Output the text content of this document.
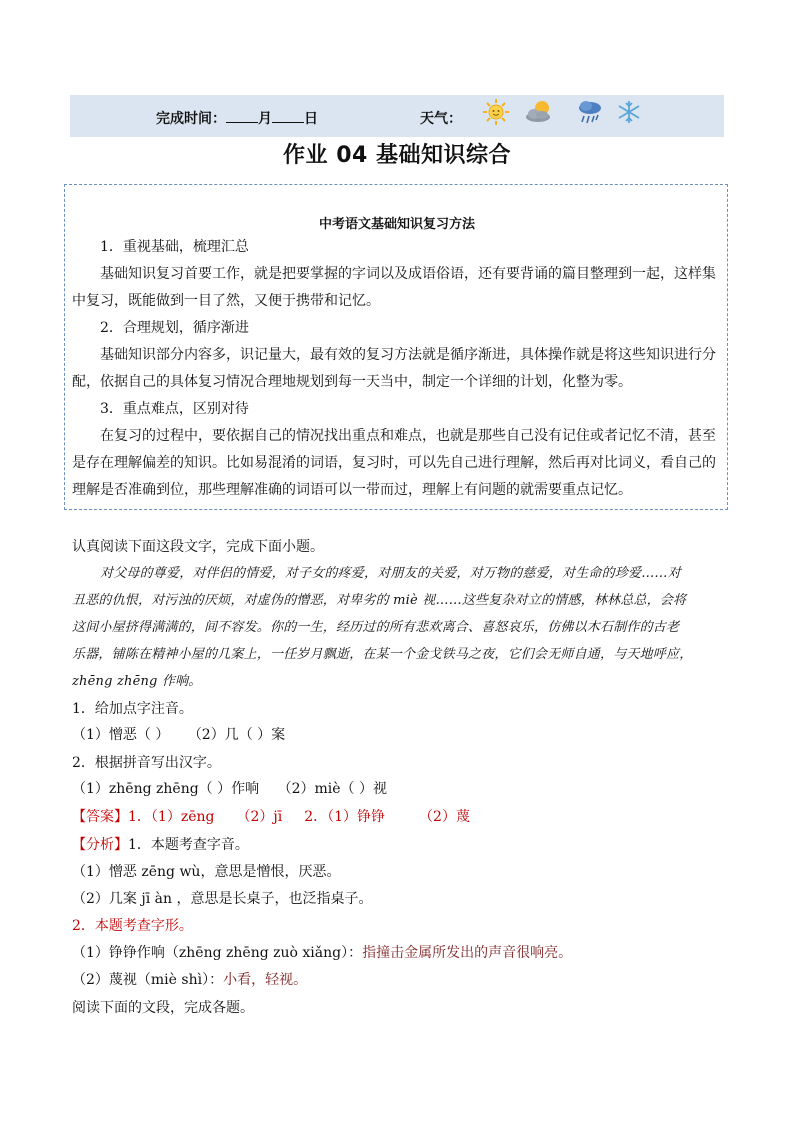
完成时间： 月 日	天气：
作业 04 基础知识综合
中考语文基础知识复习方法

1．重视基础，梳理汇总

基础知识复习首要工作，就是把要掌握的字词以及成语俗语，还有要背诵的篇目整理到一起，这样集

中复习，既能做到一目了然，又便于携带和记忆。

2．合理规划，循序渐进

基础知识部分内容多，识记量大，最有效的复习方法就是循序渐进，具体操作就是将这些知识进行分

配，依据自己的具体复习情况合理地规划到每一天当中，制定一个详细的计划，化整为零。

3．重点难点，区别对待

在复习的过程中，要依据自己的情况找出重点和难点，也就是那些自己没有记住或者记忆不清，甚至

是存在理解偏差的知识。比如易混淆的词语，复习时，可以先自己进行理解，然后再对比词义，看自己的

理解是否准确到位，那些理解准确的词语可以一带而过，理解上有问题的就需要重点记忆。

认真阅读下面这段文字，完成下面小题。

对父母的尊爱，对伴侣的情爱，对子女的疼爱，对朋友的关爱，对万物的慈爱，对生命的珍爱……对
丑恶的仇恨，对污浊的厌烦，对虚伪的憎恶，对卑劣的 miè 视……这些复杂对立的情感，林林总总，会将
这间小屋挤得满满的，间不容发。你的一生，经历过的所有悲欢离合、喜怒哀乐，仿佛以木石制作的古老
乐器，铺陈在精神小屋的几案上，一任岁月飘逝，在某一个金戈铁马之夜，它们会无师自通，与天地呼应，
zhēng zhēng 作响。

1．给加点字注音。

（1）憎恶（ ） （2）几（ ）案

2．根据拼音写出汉字。

（1）zhēng zhēng（ ）作响 （2）miè（ ）视

【答案】1．（1）zēng （2）jī 2．（1）铮铮 （2）蔑

【分析】1．本题考查字音。

（1）憎恶 zēng wù，意思是憎恨，厌恶。

（2）几案 jī àn ，意思是长桌子，也泛指桌子。

2．本题考查字形。

（1）铮铮作响（zhēng zhēng zuò xiǎng）：指撞击金属所发出的声音很响亮。

（2）蔑视（miè shì）：小看，轻视。

阅读下面的文段，完成各题。
